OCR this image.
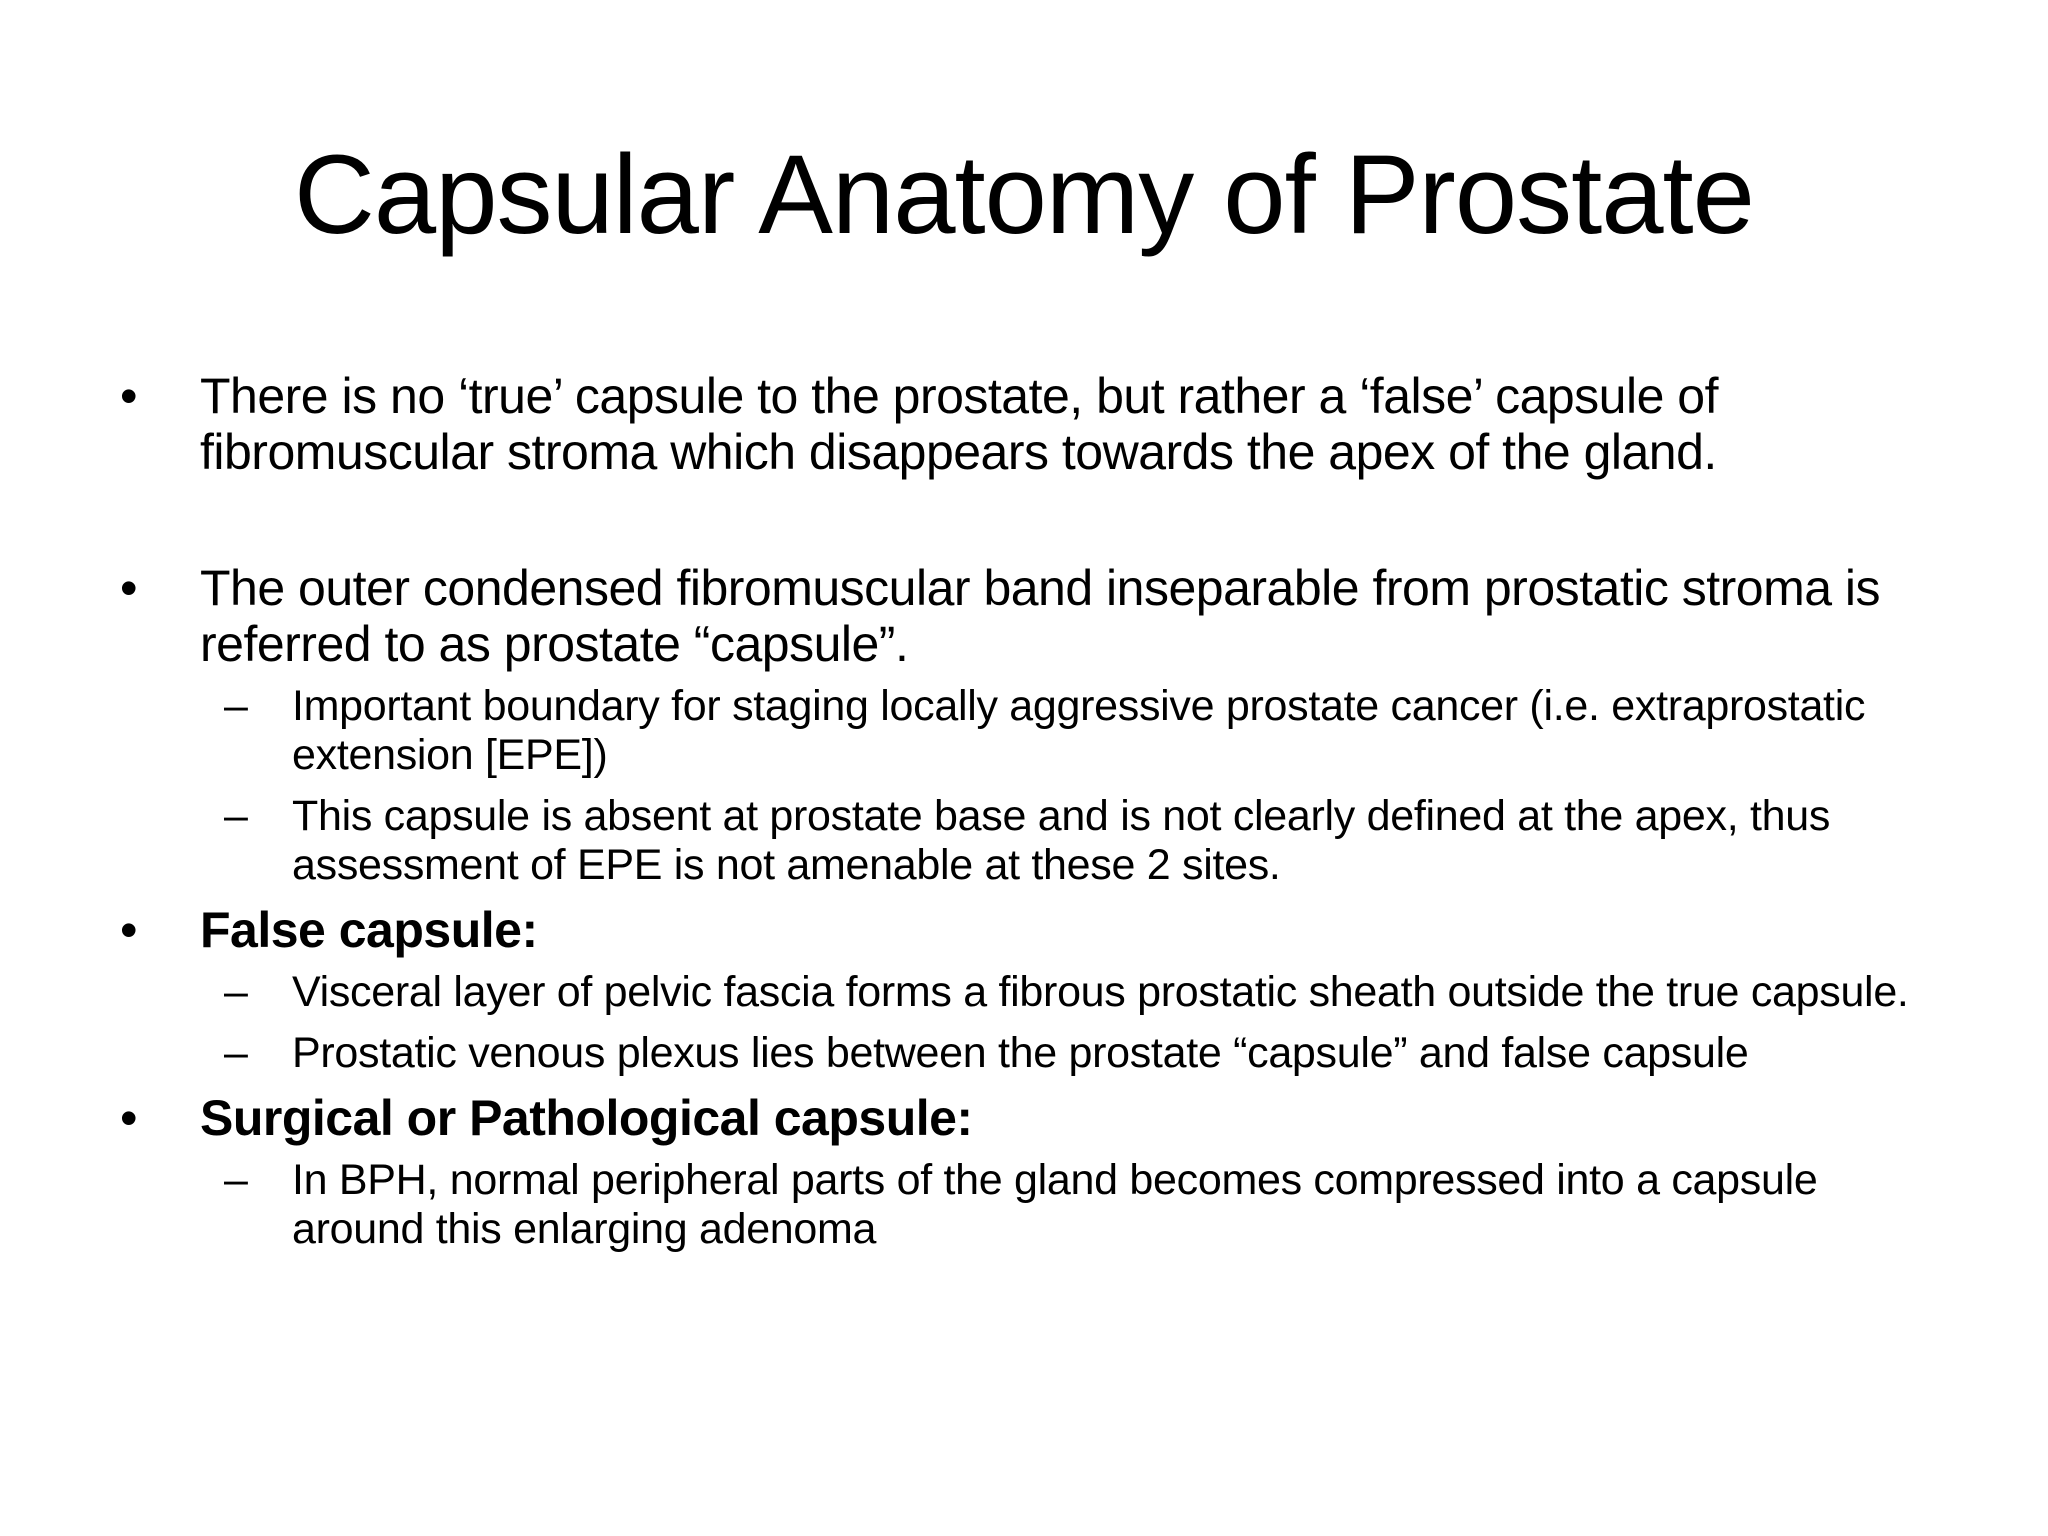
Capsular Anatomy of Prostate
•	There is no ‘true’ capsule to the prostate, but rather a ‘false’ capsule of fibromuscular stroma which disappears towards the apex of the gland.
•	The outer condensed fibromuscular band inseparable from prostatic stroma is referred to as prostate “capsule”.
– Important boundary for staging locally aggressive prostate cancer (i.e. extraprostatic extension [EPE])
– This capsule is absent at prostate base and is not clearly defined at the apex, thus assessment of EPE is not amenable at these 2 sites.
•	False capsule:
– Visceral layer of pelvic fascia forms a fibrous prostatic sheath outside the true capsule.
– Prostatic venous plexus lies between the prostate “capsule” and false capsule
•	Surgical or Pathological capsule:
– In BPH, normal peripheral parts of the gland becomes compressed into a capsule around this enlarging adenoma
